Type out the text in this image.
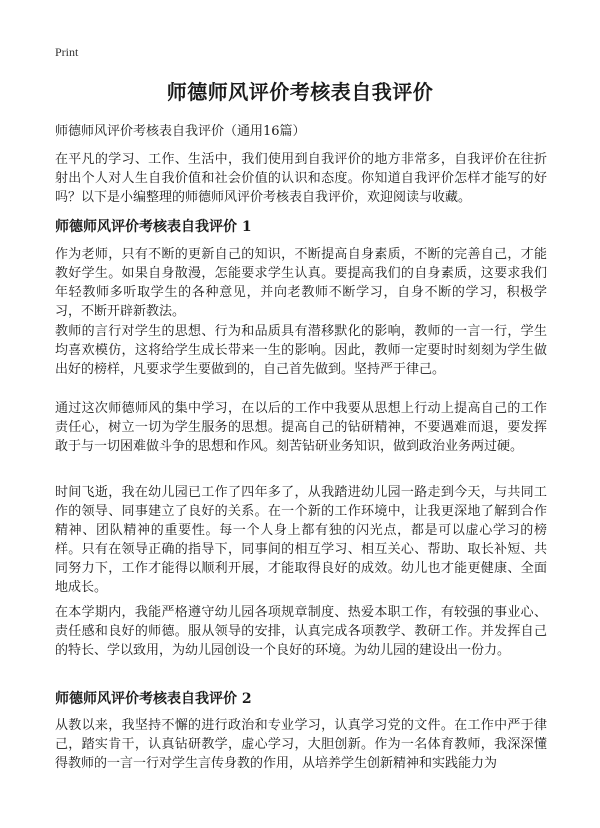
Print
师德师风评价考核表自我评价
师德师风评价考核表自我评价（通用16篇）

在平凡的学习、工作、生活中，我们使用到自我评价的地方非常多，自我评价在往折射出个人对人生自我价值和社会价值的认识和态度。你知道自我评价怎样才能写的好吗？以下是小编整理的师德师风评价考核表自我评价，欢迎阅读与收藏。

师德师风评价考核表自我评价 1

作为老师，只有不断的更新自己的知识，不断提高自身素质，不断的完善自己，才能教好学生。如果自身散漫，怎能要求学生认真。要提高我们的自身素质，这要求我们年轻教师多听取学生的各种意见，并向老教师不断学习，自身不断的学习，积极学习，不断开辟新教法。

教师的言行对学生的思想、行为和品质具有潜移默化的影响，教师的一言一行，学生均喜欢模仿，这将给学生成长带来一生的影响。因此，教师一定要时时刻刻为学生做出好的榜样，凡要求学生要做到的，自己首先做到。坚持严于律己。

通过这次师德师风的集中学习，在以后的工作中我要从思想上行动上提高自己的工作责任心，树立一切为学生服务的思想。提高自己的钻研精神，不要遇难而退，要发挥敢于与一切困难做斗争的思想和作风。刻苦钻研业务知识，做到政治业务两过硬。

时间飞逝，我在幼儿园已工作了四年多了，从我踏进幼儿园一路走到今天，与共同工作的领导、同事建立了良好的关系。在一个新的工作环境中，让我更深地了解到合作精神、团队精神的重要性。每一个人身上都有独的闪光点，都是可以虚心学习的榜样。只有在领导正确的指导下，同事间的相互学习、相互关心、帮助、取长补短、共同努力下，工作才能得以顺利开展，才能取得良好的成效。幼儿也才能更健康、全面地成长。

在本学期内，我能严格遵守幼儿园各项规章制度、热爱本职工作，有较强的事业心、责任感和良好的师德。服从领导的安排，认真完成各项教学、教研工作。并发挥自己的特长、学以致用，为幼儿园创设一个良好的环境。为幼儿园的建设出一份力。

师德师风评价考核表自我评价 2

从教以来，我坚持不懈的进行政治和专业学习，认真学习党的文件。在工作中严于律己，踏实肯干，认真钻研教学，虚心学习，大胆创新。作为一名体育教师，我深深懂得教师的一言一行对学生言传身教的作用，从培养学生创新精神和实践能力为
